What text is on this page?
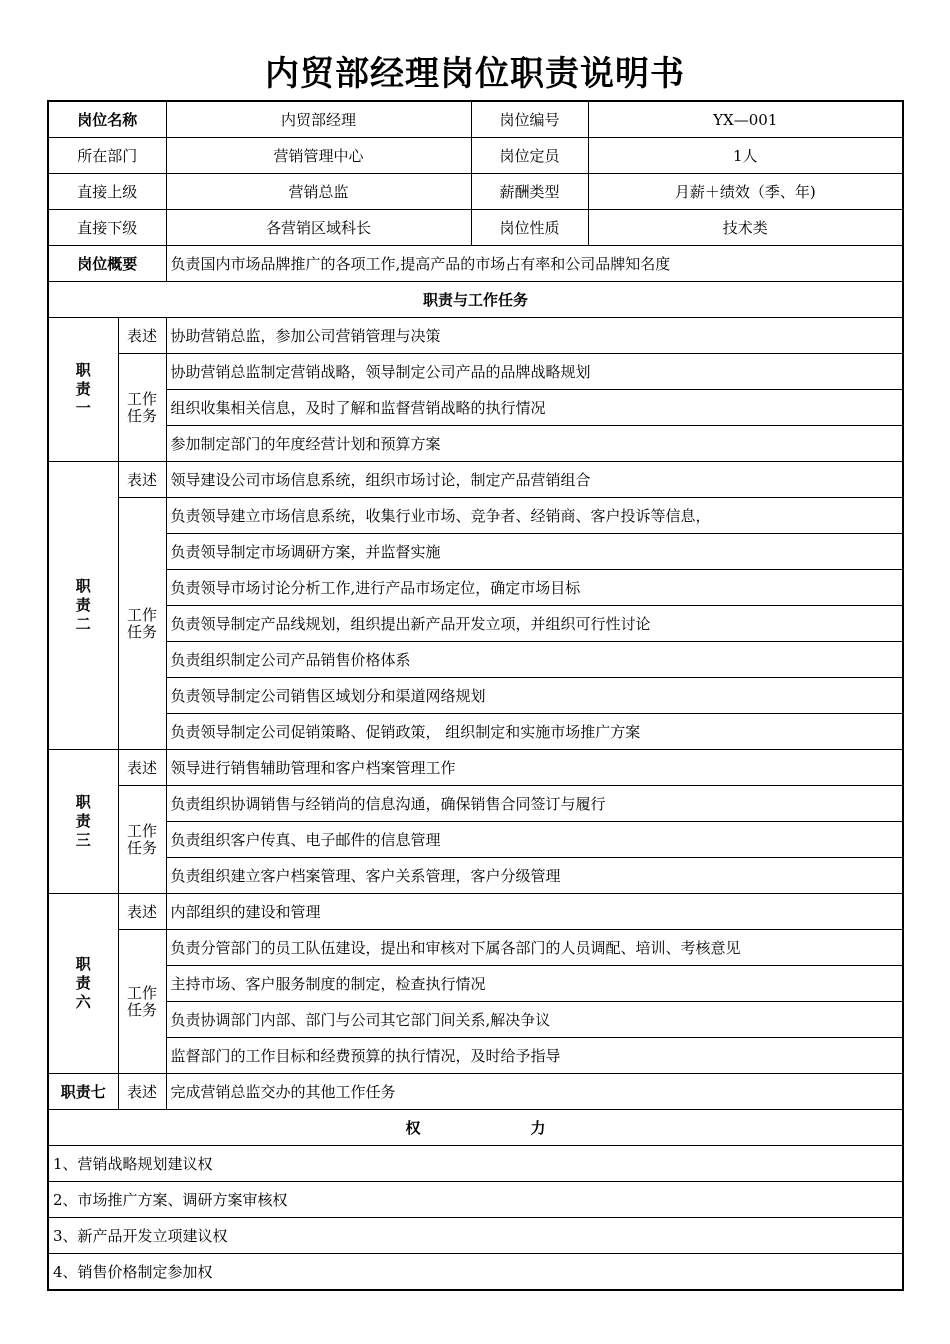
内贸部经理岗位职责说明书
岗位名称		内贸部经理	岗位编号	YX—001
所在部门		营销管理中心	岗位定员	1人
直接上级		营销总监	薪酬类型	月薪＋绩效（季、年)
直接下级		各营销区域科长	岗位性质	技术类
岗位概要		负责国内市场品牌推广的各项工作,提高产品的市场占有率和公司品牌知名度		
职责与工作任务				

职责一	表述	协助营销总监，参加公司营销管理与决策		

	工作任务	协助营销总监制定营销战略，领导制定公司产品的品牌战略规划		
		组织收集相关信息，及时了解和监督营销战略的执行情况		
		参加制定部门的年度经营计划和预算方案		

职责二	表述	领导建设公司市场信息系统，组织市场讨论，制定产品营销组合		

	工作任务	负责领导建立市场信息系统，收集行业市场、竞争者、经销商、客户投诉等信息，		
		负责领导制定市场调研方案，并监督实施		
		负责领导市场讨论分析工作,进行产品市场定位，确定市场目标		
		负责领导制定产品线规划，组织提出新产品开发立项，并组织可行性讨论		
		负责组织制定公司产品销售价格体系		
		负责领导制定公司销售区域划分和渠道网络规划		
		负责领导制定公司促销策略、促销政策， 组织制定和实施市场推广方案		

职责三	表述	领导进行销售辅助管理和客户档案管理工作		

	工作任务	负责组织协调销售与经销尚的信息沟通，确保销售合同签订与履行		
		负责组织客户传真、电子邮件的信息管理		
		负责组织建立客户档案管理、客户关系管理，客户分级管理		

职责六	表述	内部组织的建设和管理		

	工作任务	负责分管部门的员工队伍建设，提出和审核对下属各部门的人员调配、培训、考核意见		
		主持市场、客户服务制度的制定，检查执行情况		
		负责协调部门内部、部门与公司其它部门间关系,解决争议		
		监督部门的工作目标和经费预算的执行情况，及时给予指导		
职责七	表述	完成营销总监交办的其他工作任务		
权 力				
1、营销战略规划建议权				
2、市场推广方案、调研方案审核权				
3、新产品开发立项建议权				
4、销售价格制定参加权				
